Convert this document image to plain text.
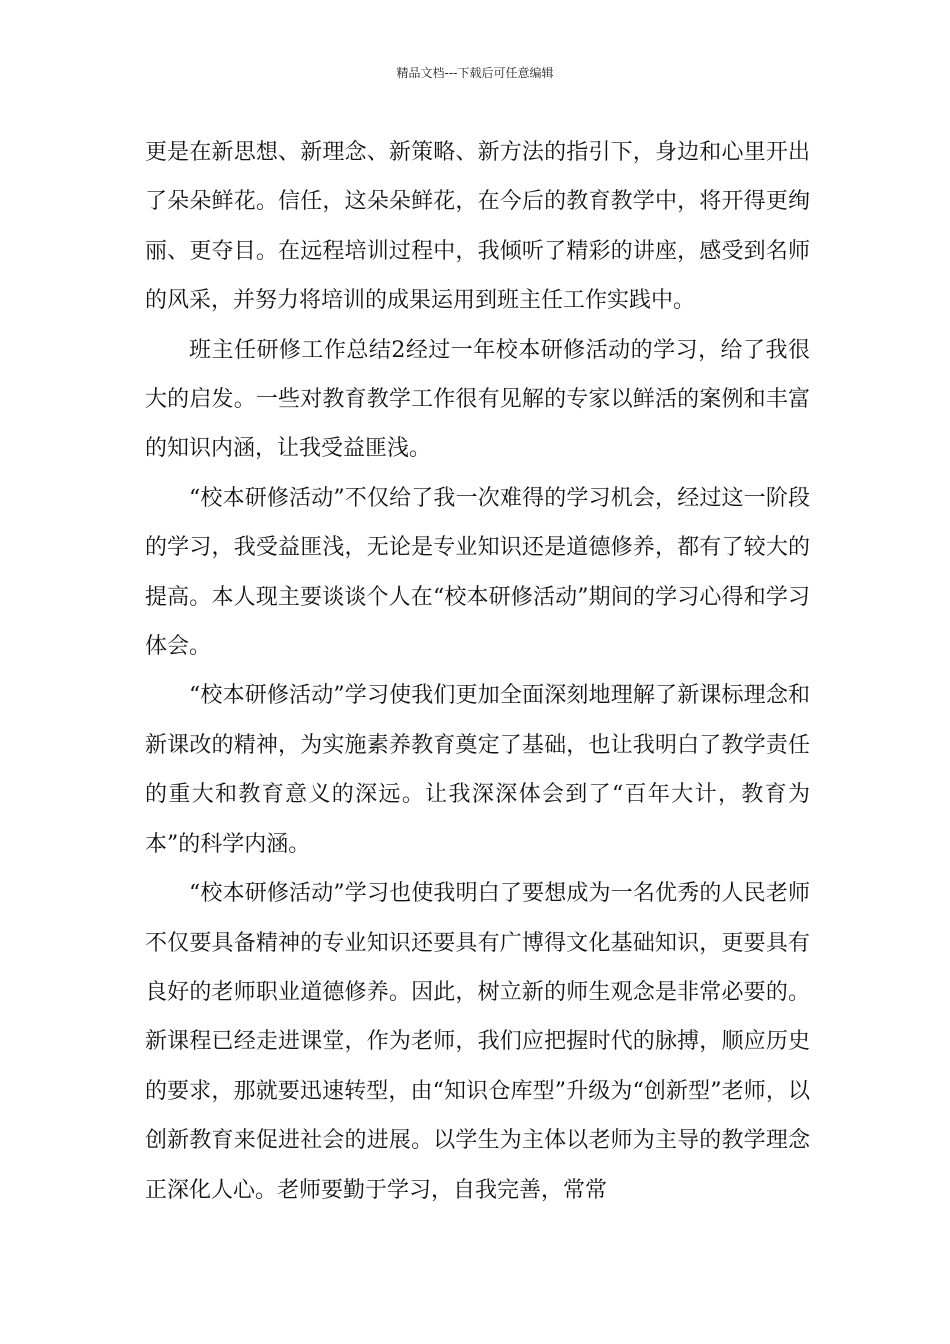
精品文档---下载后可任意编辑

更是在新思想、新理念、新策略、新方法的指引下，身边和心里开出了朵朵鲜花。信任，这朵朵鲜花，在今后的教育教学中，将开得更绚丽、更夺目。在远程培训过程中，我倾听了精彩的讲座，感受到名师的风采，并努力将培训的成果运用到班主任工作实践中。

班主任研修工作总结2经过一年校本研修活动的学习，给了我很大的启发。一些对教育教学工作很有见解的专家以鲜活的案例和丰富的知识内涵，让我受益匪浅。

“校本研修活动”不仅给了我一次难得的学习机会，经过这一阶段的学习，我受益匪浅，无论是专业知识还是道德修养，都有了较大的提高。本人现主要谈谈个人在“校本研修活动”期间的学习心得和学习体会。

“校本研修活动”学习使我们更加全面深刻地理解了新课标理念和新课改的精神，为实施素养教育奠定了基础，也让我明白了教学责任的重大和教育意义的深远。让我深深体会到了“百年大计，教育为本”的科学内涵。

“校本研修活动”学习也使我明白了要想成为一名优秀的人民老师不仅要具备精神的专业知识还要具有广博得文化基础知识，更要具有良好的老师职业道德修养。因此，树立新的师生观念是非常必要的。新课程已经走进课堂，作为老师，我们应把握时代的脉搏，顺应历史的要求，那就要迅速转型，由“知识仓库型”升级为“创新型”老师，以创新教育来促进社会的进展。以学生为主体以老师为主导的教学理念正深化人心。老师要勤于学习，自我完善，常常
